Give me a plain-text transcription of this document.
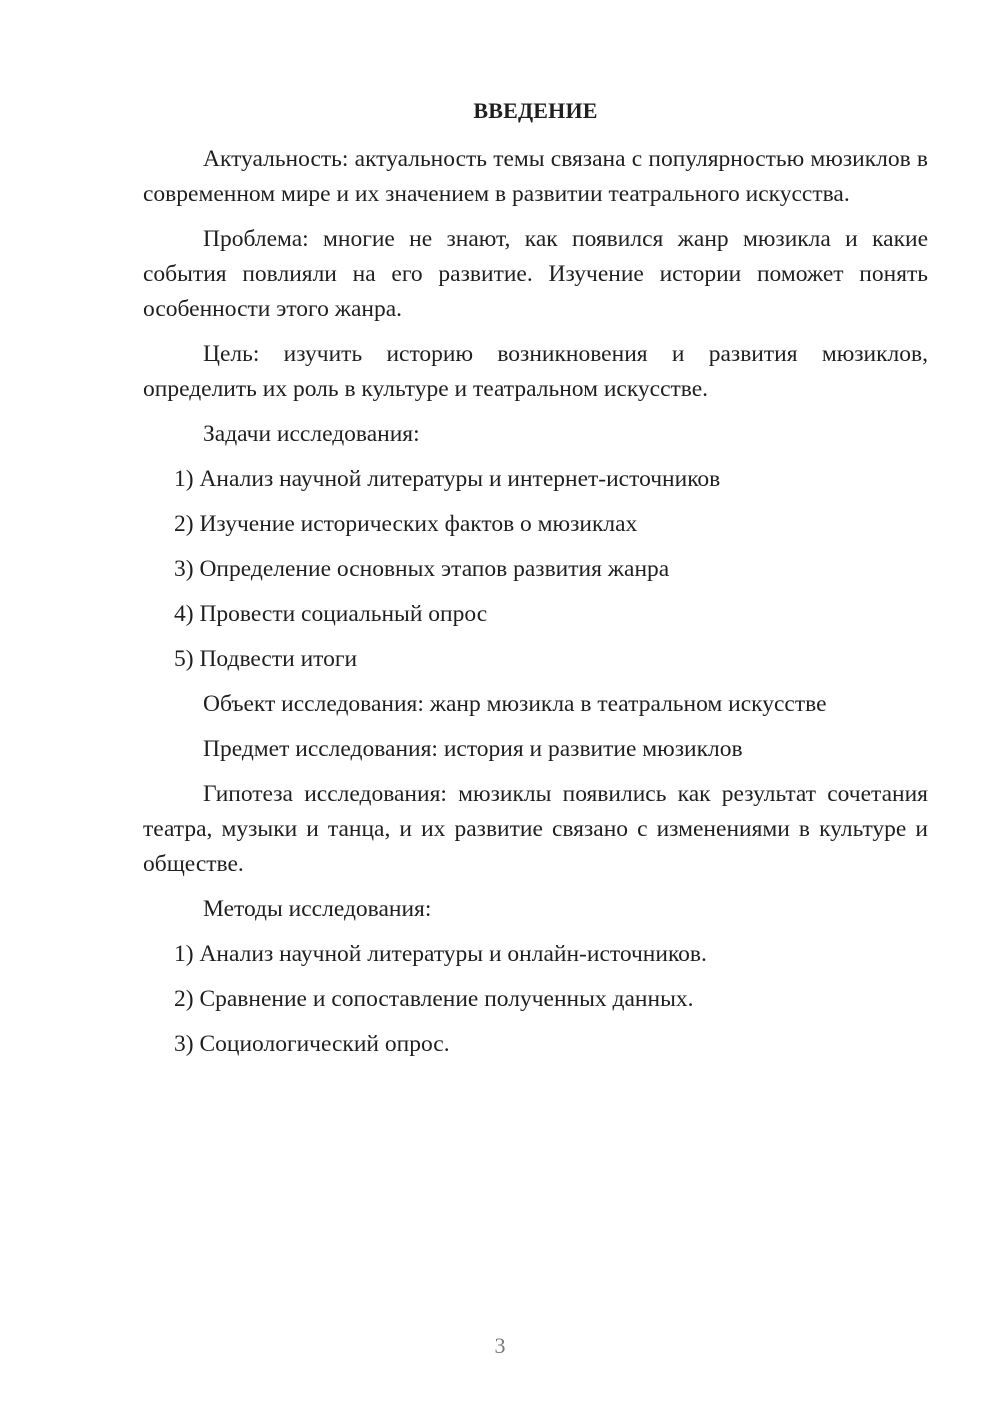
ВВЕДЕНИЕ

Актуальность: актуальность темы связана с популярностью мюзиклов в современном мире и их значением в развитии театрального искусства.

Проблема: многие не знают, как появился жанр мюзикла и какие события повлияли на его развитие. Изучение истории поможет понять особенности этого жанра.

Цель: изучить историю возникновения и развития мюзиклов, определить их роль в культуре и театральном искусстве.

Задачи исследования:
1) Анализ научной литературы и интернет-источников
2) Изучение исторических фактов о мюзиклах
3) Определение основных этапов развития жанра
4) Провести социальный опрос
5) Подвести итоги
Объект исследования: жанр мюзикла в театральном искусстве
Предмет исследования: история и развитие мюзиклов

Гипотеза исследования: мюзиклы появились как результат сочетания театра, музыки и танца, и их развитие связано с изменениями в культуре и обществе.

Методы исследования:
1) Анализ научной литературы и онлайн-источников.
2) Сравнение и сопоставление полученных данных.
3) Социологический опрос.
3
